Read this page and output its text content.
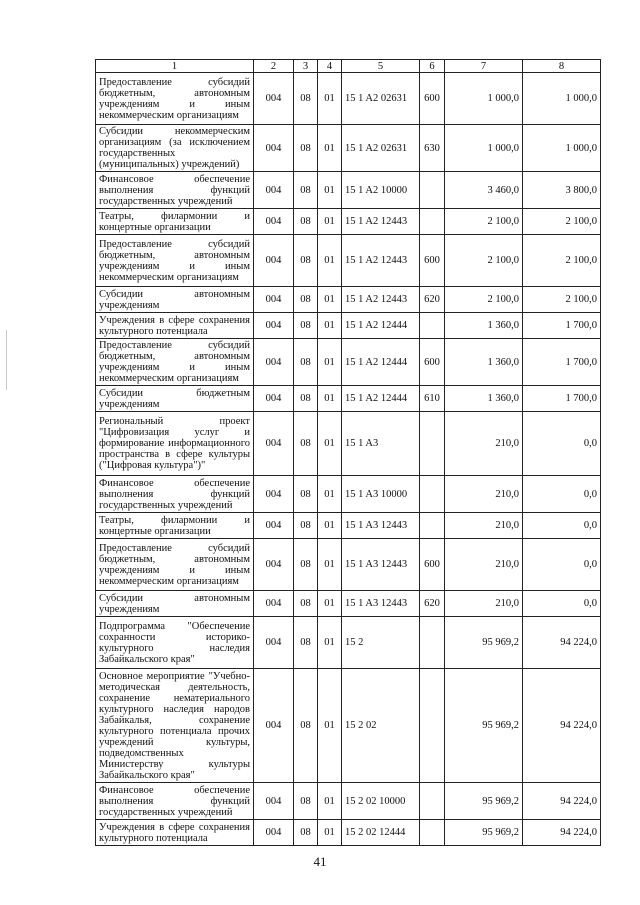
1	2	3	4	5	6	7	8
Предоставление субсидий бюджетным, автономным учреждениям и иным некоммерческим организациям	004	08	01	15 1 A2 02631	600	1 000,0	1 000,0
Субсидии некоммерческим организациям (за исключением государственных (муниципальных) учреждений)	004	08	01	15 1 A2 02631	630	1 000,0	1 000,0
Финансовое обеспечение выполнения функций государственных учреждений	004	08	01	15 1 A2 10000		3 460,0	3 800,0
Театры, филармонии и концертные организации	004	08	01	15 1 A2 12443		2 100,0	2 100,0
Предоставление субсидий бюджетным, автономным учреждениям и иным некоммерческим организациям	004	08	01	15 1 A2 12443	600	2 100,0	2 100,0
Субсидии автономным учреждениям	004	08	01	15 1 A2 12443	620	2 100,0	2 100,0
Учреждения в сфере сохранения культурного потенциала	004	08	01	15 1 A2 12444		1 360,0	1 700,0
Предоставление субсидий бюджетным, автономным учреждениям и иным некоммерческим организациям	004	08	01	15 1 A2 12444	600	1 360,0	1 700,0
Субсидии бюджетным учреждениям	004	08	01	15 1 A2 12444	610	1 360,0	1 700,0
Региональный проект "Цифровизация услуг и формирование информационного пространства в сфере культуры ("Цифровая культура")"	004	08	01	15 1 A3		210,0	0,0
Финансовое обеспечение выполнения функций государственных учреждений	004	08	01	15 1 A3 10000		210,0	0,0
Театры, филармонии и концертные организации	004	08	01	15 1 A3 12443		210,0	0,0
Предоставление субсидий бюджетным, автономным учреждениям и иным некоммерческим организациям	004	08	01	15 1 A3 12443	600	210,0	0,0
Субсидии автономным учреждениям	004	08	01	15 1 A3 12443	620	210,0	0,0
Подпрограмма "Обеспечение сохранности историко-культурного наследия Забайкальского края"	004	08	01	15 2		95 969,2	94 224,0
Основное мероприятие "Учебно-методическая деятельность, сохранение нематериального культурного наследия народов Забайкалья, сохранение культурного потенциала прочих учреждений культуры, подведомственных Министерству культуры Забайкальского края"	004	08	01	15 2 02		95 969,2	94 224,0
Финансовое обеспечение выполнения функций государственных учреждений	004	08	01	15 2 02 10000		95 969,2	94 224,0
Учреждения в сфере сохранения культурного потенциала	004	08	01	15 2 02 12444		95 969,2	94 224,0
41
